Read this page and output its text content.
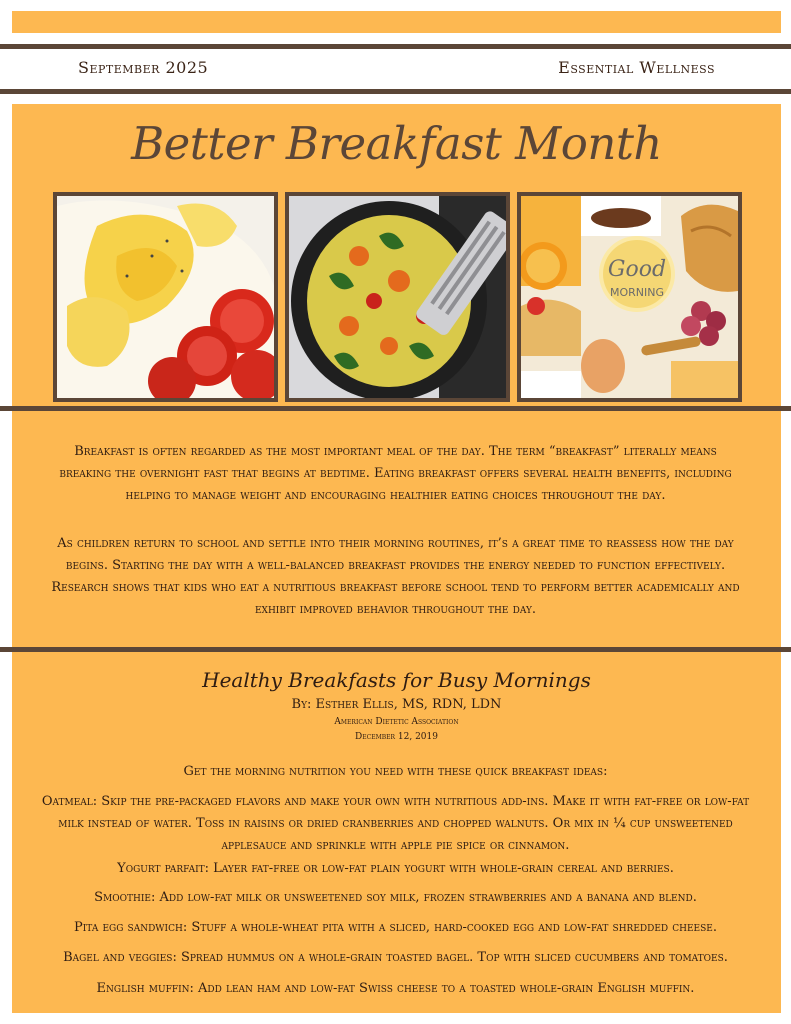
September 2025	Essential Wellness
Better Breakfast Month
Good
MORNING
Breakfast is often regarded as the most important meal of the day. The term “breakfast” literally means breaking the overnight fast that begins at bedtime. Eating breakfast offers several health benefits, including helping to manage weight and encouraging healthier eating choices throughout the day.
As children return to school and settle into their morning routines, it’s a great time to reassess how the day begins. Starting the day with a well-balanced breakfast provides the energy needed to function effectively. Research shows that kids who eat a nutritious breakfast before school tend to perform better academically and exhibit improved behavior throughout the day.
Healthy Breakfasts for Busy Mornings
By: Esther Ellis, MS, RDN, LDN
American Dietetic Association
December 12, 2019
Get the morning nutrition you need with these quick breakfast ideas:
Oatmeal: Skip the pre-packaged flavors and make your own with nutritious add-ins. Make it with fat-free or low-fat milk instead of water. Toss in raisins or dried cranberries and chopped walnuts. Or mix in ¼ cup unsweetened applesauce and sprinkle with apple pie spice or cinnamon.
Yogurt parfait: Layer fat-free or low-fat plain yogurt with whole-grain cereal and berries.
Smoothie: Add low-fat milk or unsweetened soy milk, frozen strawberries and a banana and blend.
Pita egg sandwich: Stuff a whole-wheat pita with a sliced, hard-cooked egg and low-fat shredded cheese.
Bagel and veggies: Spread hummus on a whole-grain toasted bagel. Top with sliced cucumbers and tomatoes.
English muffin: Add lean ham and low-fat Swiss cheese to a toasted whole-grain English muffin.
